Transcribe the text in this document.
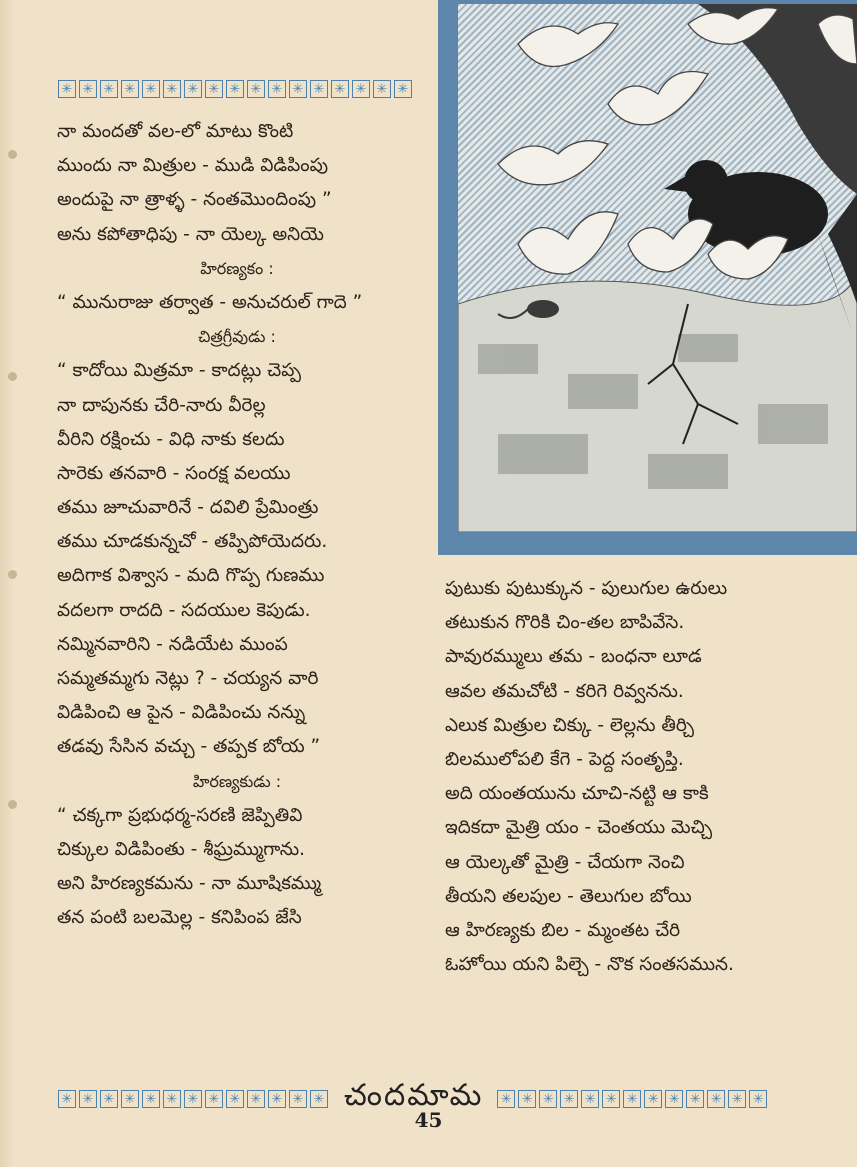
✳ ✳ ✳ ✳ ✳ ✳ ✳ ✳ ✳ ✳ ✳ ✳ ✳ ✳ ✳ ✳ ✳
నా మందతో వల-లో మాటు కొంటి
ముందు నా మిత్రుల - ముడి విడిపింపు
అందుపై నా త్రాళ్ళ - నంతమొందింపు ”
అను కపోతాధిపు - నా యెల్క అనియె
హిరణ్యకం :
“ మునురాజు తర్వాత - అనుచరుల్ గాదె ”
చిత్రగ్రీవుడు :
“ కాదోయి మిత్రమా - కాదట్లు చెప్ప
నా దాపునకు చేరి-నారు వీరెల్ల
వీరిని రక్షించు - విధి నాకు కలదు
సారెకు తనవారి - సంరక్ష వలయు
తము జూచువారినే - దవిలి ప్రేమింత్రు
తము చూడకున్నచో - తప్పిపోయెదరు.
అదిగాక విశ్వాస - మది గొప్ప గుణము
వదలగా రాదది - సదయుల కెపుడు.
నమ్మినవారిని - నడియేట ముంప
సమ్మతమ్మగు నెట్లు ? - చయ్యన వారి
విడిపించి ఆ పైన - విడిపించు నన్ను
తడవు సేసిన వచ్చు - తప్పక బోయ ”
హిరణ్యకుడు :
“ చక్కగా ప్రభుధర్మ-సరణి జెప్పితివి
చిక్కుల విడిపింతు - శీఘ్రమ్ముగాను.
అని హిరణ్యకమను - నా మూషికమ్ము
తన పంటి బలమెల్ల - కనిపింప జేసి
పుటుకు పుటుక్కున - పులుగుల ఉరులు
తటుకున గొరికి చిం-తల బాపివేసె.
పావురమ్ములు తమ - బంధనా లూడ
ఆవల తమచోటి - కరిగె రివ్వనను.
ఎలుక మిత్రుల చిక్కు - లెల్లను తీర్చి
బిలములోపలి కేగె - పెద్ద సంతృప్తి.
అది యంతయును చూచి-నట్టి ఆ కాకి
ఇదికదా మైత్రి యం - చెంతయు మెచ్చి
ఆ యెల్కతో మైత్రి - చేయగా నెంచి
తీయని తలపుల - తెలుగుల బోయి
ఆ హిరణ్యకు బిల - మ్మంతట చేరి
ఓహోయి యని పిల్చె - నొక సంతసమున.
✳ ✳ ✳ ✳ ✳ ✳ ✳ ✳ ✳ ✳ ✳ ✳ ✳ చందమామ ✳ ✳ ✳ ✳ ✳ ✳ ✳ ✳ ✳ ✳ ✳ ✳ ✳
45
